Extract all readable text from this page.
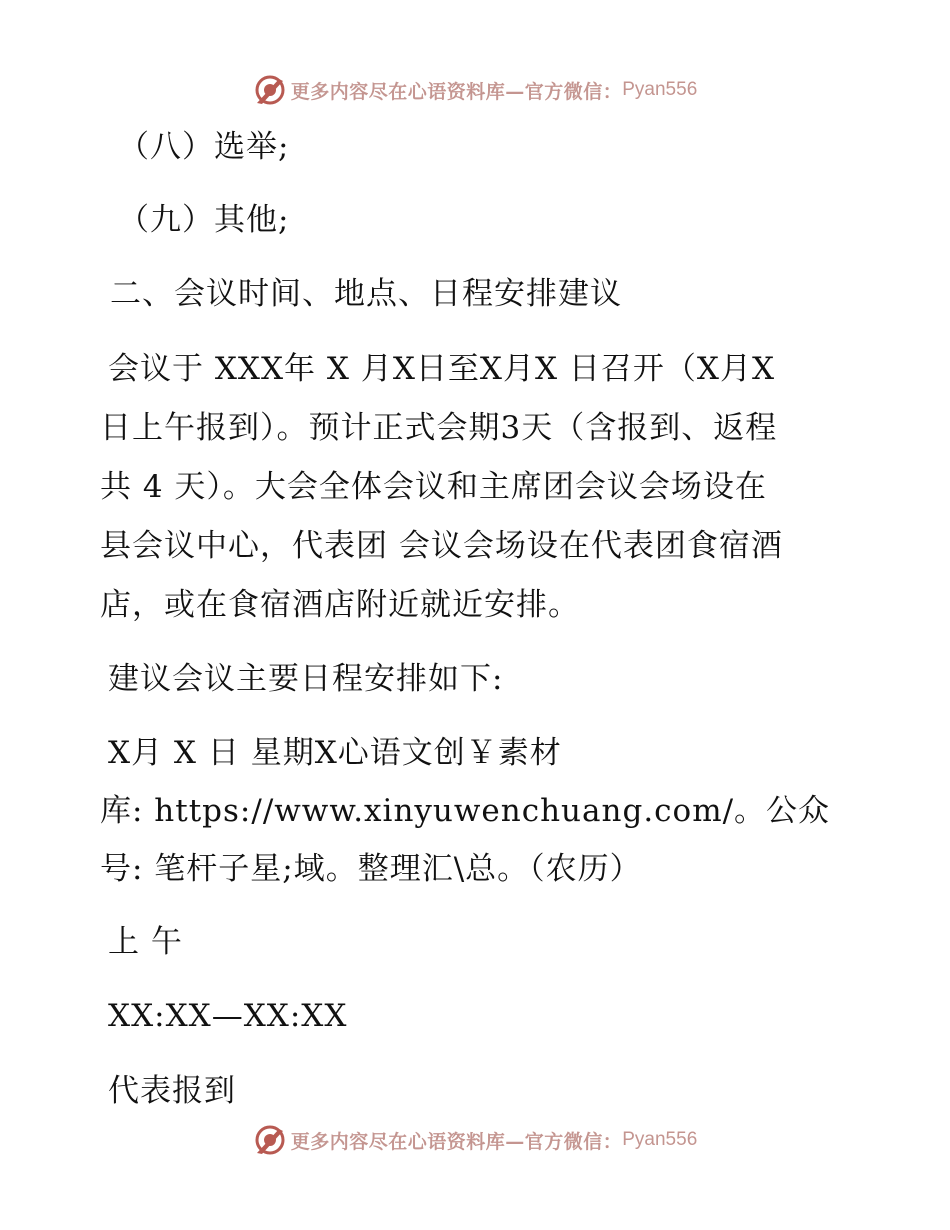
更多内容尽在心语资料库—官方微信： Pyan556

（八）选举;

（九）其他;

二、会议时间、地点、日程安排建议

会议于 XXX年 X 月X日至X月X 日召开（X月X

日上午报到）。预计正式会期3天（含报到、返程

共 4 天）。大会全体会议和主席团会议会场设在

县会议中心，代表团 会议会场设在代表团食宿酒

店，或在食宿酒店附近就近安排。

建议会议主要日程安排如下:

X月 X 日 星期X心语文创￥素材

库: https://www.xinyuwenchuang.com/。公众

号: 笔杆子星;域。整理汇\总。（农历）

上 午

XX:XX—XX:XX

代表报到

更多内容尽在心语资料库—官方微信： Pyan556
